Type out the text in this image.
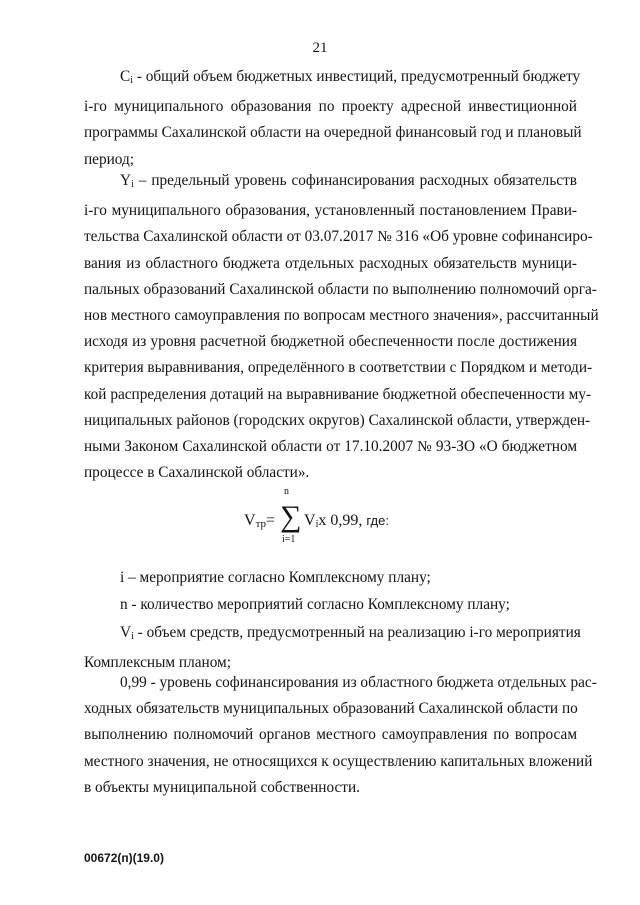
21

$C_i$ - общий объем бюджетных инвестиций, предусмотренный бюджету
i-го муниципального образования по проекту адресной инвестиционной
программы Сахалинской области на очередной финансовый год и плановый
период;

$Y_i$ – предельный уровень софинансирования расходных обязательств
i-го муниципального образования, установленный постановлением Прави-
тельства Сахалинской области от 03.07.2017 № 316 «Об уровне софинансиро-
вания из областного бюджета отдельных расходных обязательств муници-
пальных образований Сахалинской области по выполнению полномочий орга-
нов местного самоуправления по вопросам местного значения», рассчитанный
исходя из уровня расчетной бюджетной обеспеченности после достижения
критерия выравнивания, определённого в соответствии с Порядком и методи-
кой распределения дотаций на выравнивание бюджетной обеспеченности му-
ниципальных районов (городских округов) Сахалинской области, утвержден-
ными Законом Сахалинской области от 17.10.2007 № 93-ЗО «О бюджетном
процессе в Сахалинской области».

$V_{тр}=$
n
∑
i=1
$V_ix$ 0,99, где:

i – мероприятие согласно Комплексному плану;

n - количество мероприятий согласно Комплексному плану;

$V_i$ - объем средств, предусмотренный на реализацию i-го мероприятия
Комплексным планом;

0,99 - уровень софинансирования из областного бюджета отдельных рас-
ходных обязательств муниципальных образований Сахалинской области по
выполнению полномочий органов местного самоуправления по вопросам
местного значения, не относящихся к осуществлению капитальных вложений
в объекты муниципальной собственности.

00672(п)(19.0)
